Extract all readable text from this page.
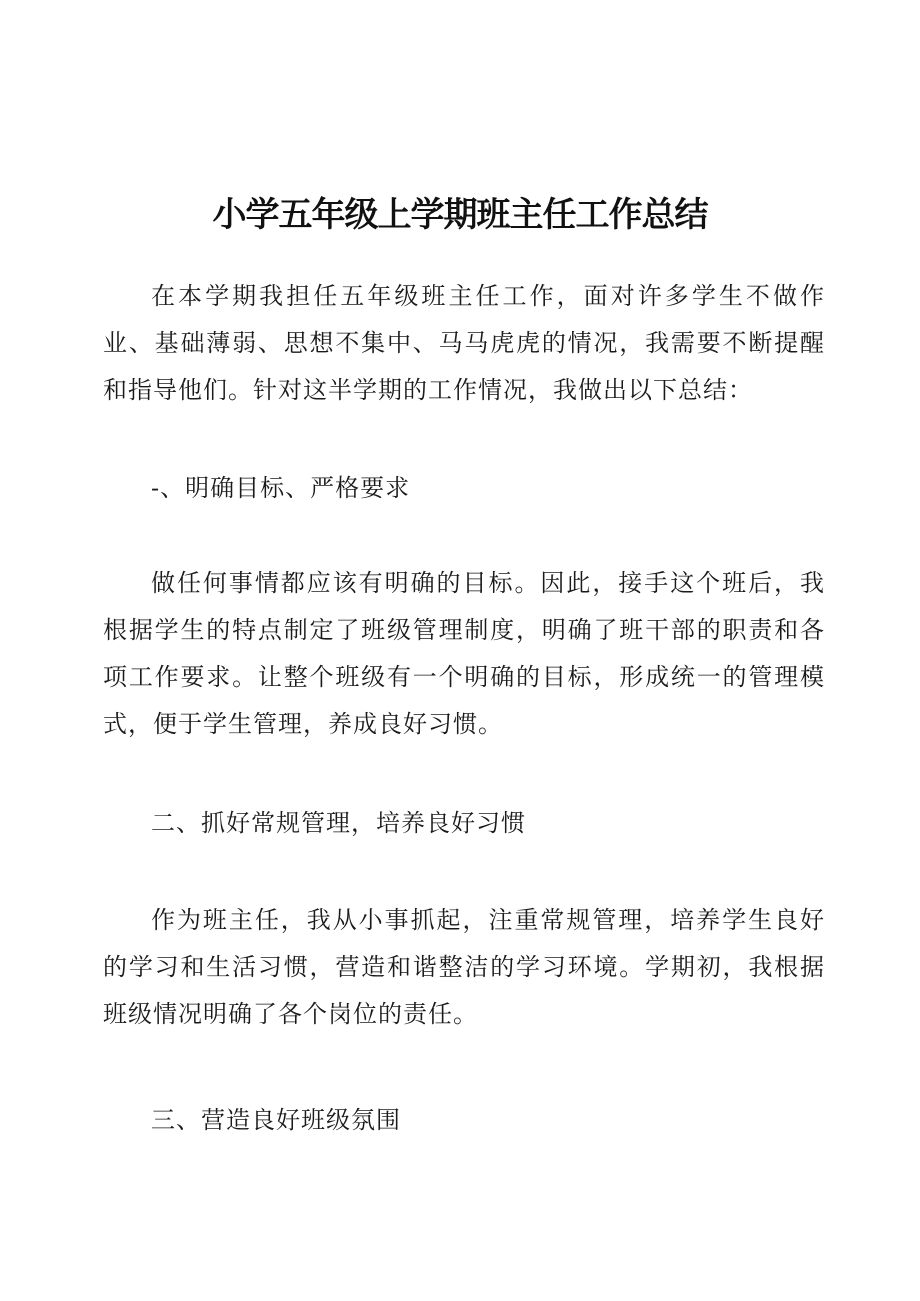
小学五年级上学期班主任工作总结

在本学期我担任五年级班主任工作，面对许多学生不做作业、基础薄弱、思想不集中、马马虎虎的情况，我需要不断提醒和指导他们。针对这半学期的工作情况，我做出以下总结：

-、明确目标、严格要求

做任何事情都应该有明确的目标。因此，接手这个班后，我根据学生的特点制定了班级管理制度，明确了班干部的职责和各项工作要求。让整个班级有一个明确的目标，形成统一的管理模式，便于学生管理，养成良好习惯。

二、抓好常规管理，培养良好习惯

作为班主任，我从小事抓起，注重常规管理，培养学生良好的学习和生活习惯，营造和谐整洁的学习环境。学期初，我根据班级情况明确了各个岗位的责任。

三、营造良好班级氛围
